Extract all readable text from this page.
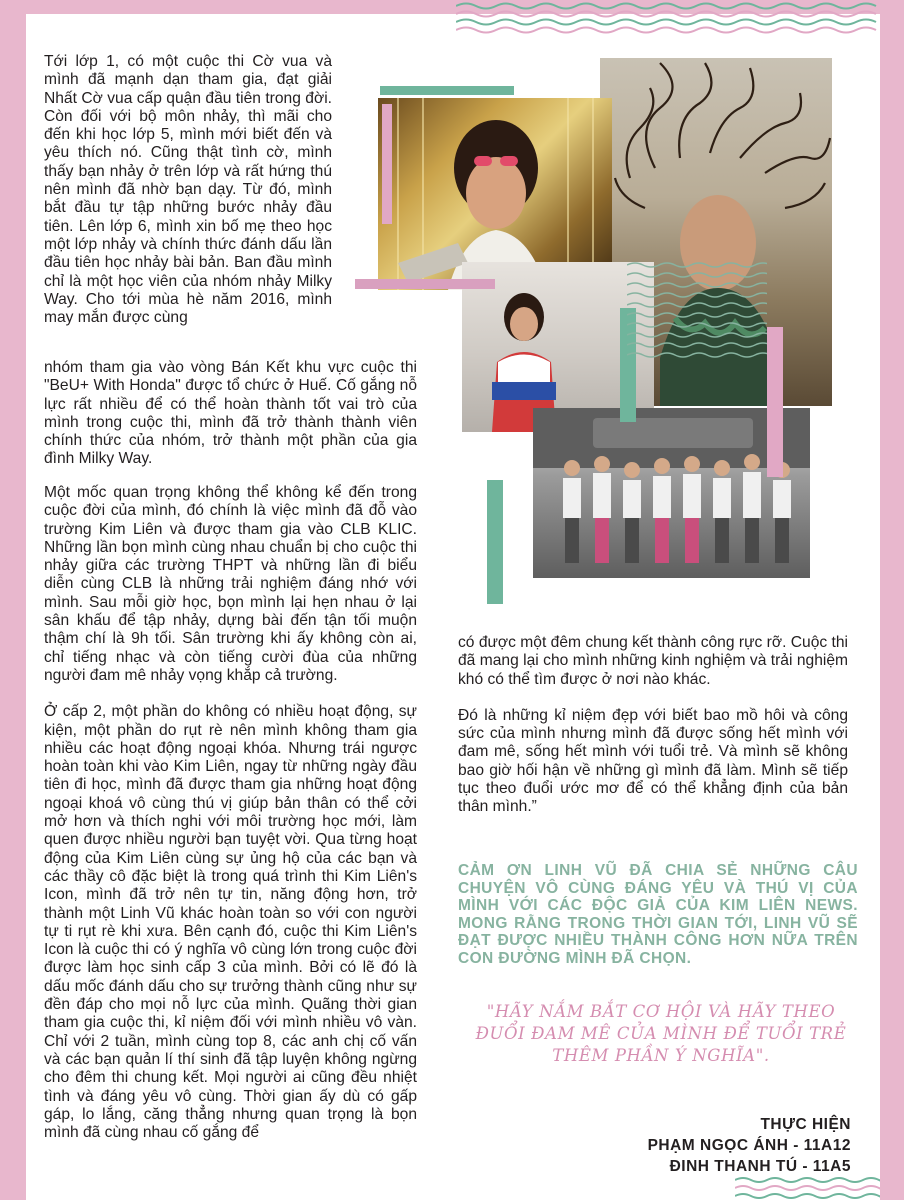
Tới lớp 1, có một cuộc thi Cờ vua và mình đã mạnh dạn tham gia, đạt giải Nhất Cờ vua cấp quận đầu tiên trong đời. Còn đối với bộ môn nhảy, thì mãi cho đến khi học lớp 5, mình mới biết đến và yêu thích nó. Cũng thật tình cờ, mình thấy bạn nhảy ở trên lớp và rất hứng thú nên mình đã nhờ bạn dạy. Từ đó, mình bắt đầu tự tập những bước nhảy đầu tiên. Lên lớp 6, mình xin bố mẹ theo học một lớp nhảy và chính thức đánh dấu lần đầu tiên học nhảy bài bản. Ban đầu mình chỉ là một học viên của nhóm nhảy Milky Way. Cho tới mùa hè năm 2016, mình may mắn được cùng

nhóm tham gia vào vòng Bán Kết khu vực cuộc thi "BeU+ With Honda" được tổ chức ở Huế. Cố gắng nỗ lực rất nhiều để có thể hoàn thành tốt vai trò của mình trong cuộc thi, mình đã trở thành thành viên chính thức của nhóm, trở thành một phần của gia đình Milky Way.

Một mốc quan trọng không thể không kể đến trong cuộc đời của mình, đó chính là việc mình đã đỗ vào trường Kim Liên và được tham gia vào CLB KLIC. Những lần bọn mình cùng nhau chuẩn bị cho cuộc thi nhảy giữa các trường THPT và những lần đi biểu diễn cùng CLB là những trải nghiệm đáng nhớ với mình. Sau mỗi giờ học, bọn mình lại hẹn nhau ở lại sân khấu để tập nhảy, dựng bài đến tận tối muộn thậm chí là 9h tối. Sân trường khi ấy không còn ai, chỉ tiếng nhạc và còn tiếng cười đùa của những người đam mê nhảy vọng khắp cả trường.

Ở cấp 2, một phần do không có nhiều hoạt động, sự kiện, một phần do rụt rè nên mình không tham gia nhiều các hoạt động ngoại khóa. Nhưng trái ngược hoàn toàn khi vào Kim Liên, ngay từ những ngày đầu tiên đi học, mình đã được tham gia những hoạt động ngoại khoá vô cùng thú vị giúp bản thân có thể cởi mở hơn và thích nghi với môi trường học mới, làm quen được nhiều người bạn tuyệt vời. Qua từng hoạt động của Kim Liên cùng sự ủng hộ của các bạn và các thầy cô đặc biệt là trong quá trình thi Kim Liên's Icon, mình đã trở nên tự tin, năng động hơn, trở thành một Linh Vũ khác hoàn toàn so với con người tự ti rụt rè khi xưa. Bên cạnh đó, cuộc thi Kim Liên's Icon là cuộc thi có ý nghĩa vô cùng lớn trong cuộc đời được làm học sinh cấp 3 của mình. Bởi có lẽ đó là dấu mốc đánh dấu cho sự trưởng thành cũng như sự đền đáp cho mọi nỗ lực của mình. Quãng thời gian tham gia cuộc thi, kỉ niệm đối với mình nhiều vô vàn. Chỉ với 2 tuần, mình cùng top 8, các anh chị cố vấn và các bạn quản lí thí sinh đã tập luyện không ngừng cho đêm thi chung kết. Mọi người ai cũng đều nhiệt tình và đáng yêu vô cùng. Thời gian ấy dù có gấp gáp, lo lắng, căng thẳng nhưng quan trọng là bọn mình đã cùng nhau cố gắng để

có được một đêm chung kết thành công rực rỡ. Cuộc thi đã mang lại cho mình những kinh nghiệm và trải nghiệm khó có thể tìm được ở nơi nào khác.

Đó là những kỉ niệm đẹp với biết bao mồ hôi và công sức của mình nhưng mình đã được sống hết mình với đam mê, sống hết mình với tuổi trẻ. Và mình sẽ không bao giờ hối hận về những gì mình đã làm. Mình sẽ tiếp tục theo đuổi ước mơ để có thể khẳng định của bản thân mình.”

CẢM ƠN LINH VŨ ĐÃ CHIA SẺ NHỮNG CÂU CHUYỆN VÔ CÙNG ĐÁNG YÊU VÀ THÚ VỊ CỦA MÌNH VỚI CÁC ĐỘC GIẢ CỦA KIM LIÊN NEWS. MONG RẰNG TRONG THỜI GIAN TỚI, LINH VŨ SẼ ĐẠT ĐƯỢC NHIỀU THÀNH CÔNG HƠN NỮA TRÊN CON ĐƯỜNG MÌNH ĐÃ CHỌN.

"HÃY NẮM BẮT CƠ HỘI VÀ HÃY THEO ĐUỔI ĐAM MÊ CỦA MÌNH ĐỂ TUỔI TRẺ THÊM PHẦN Ý NGHĨA".

THỰC HIỆN
PHẠM NGỌC ÁNH - 11A12
ĐINH THANH TÚ - 11A5
